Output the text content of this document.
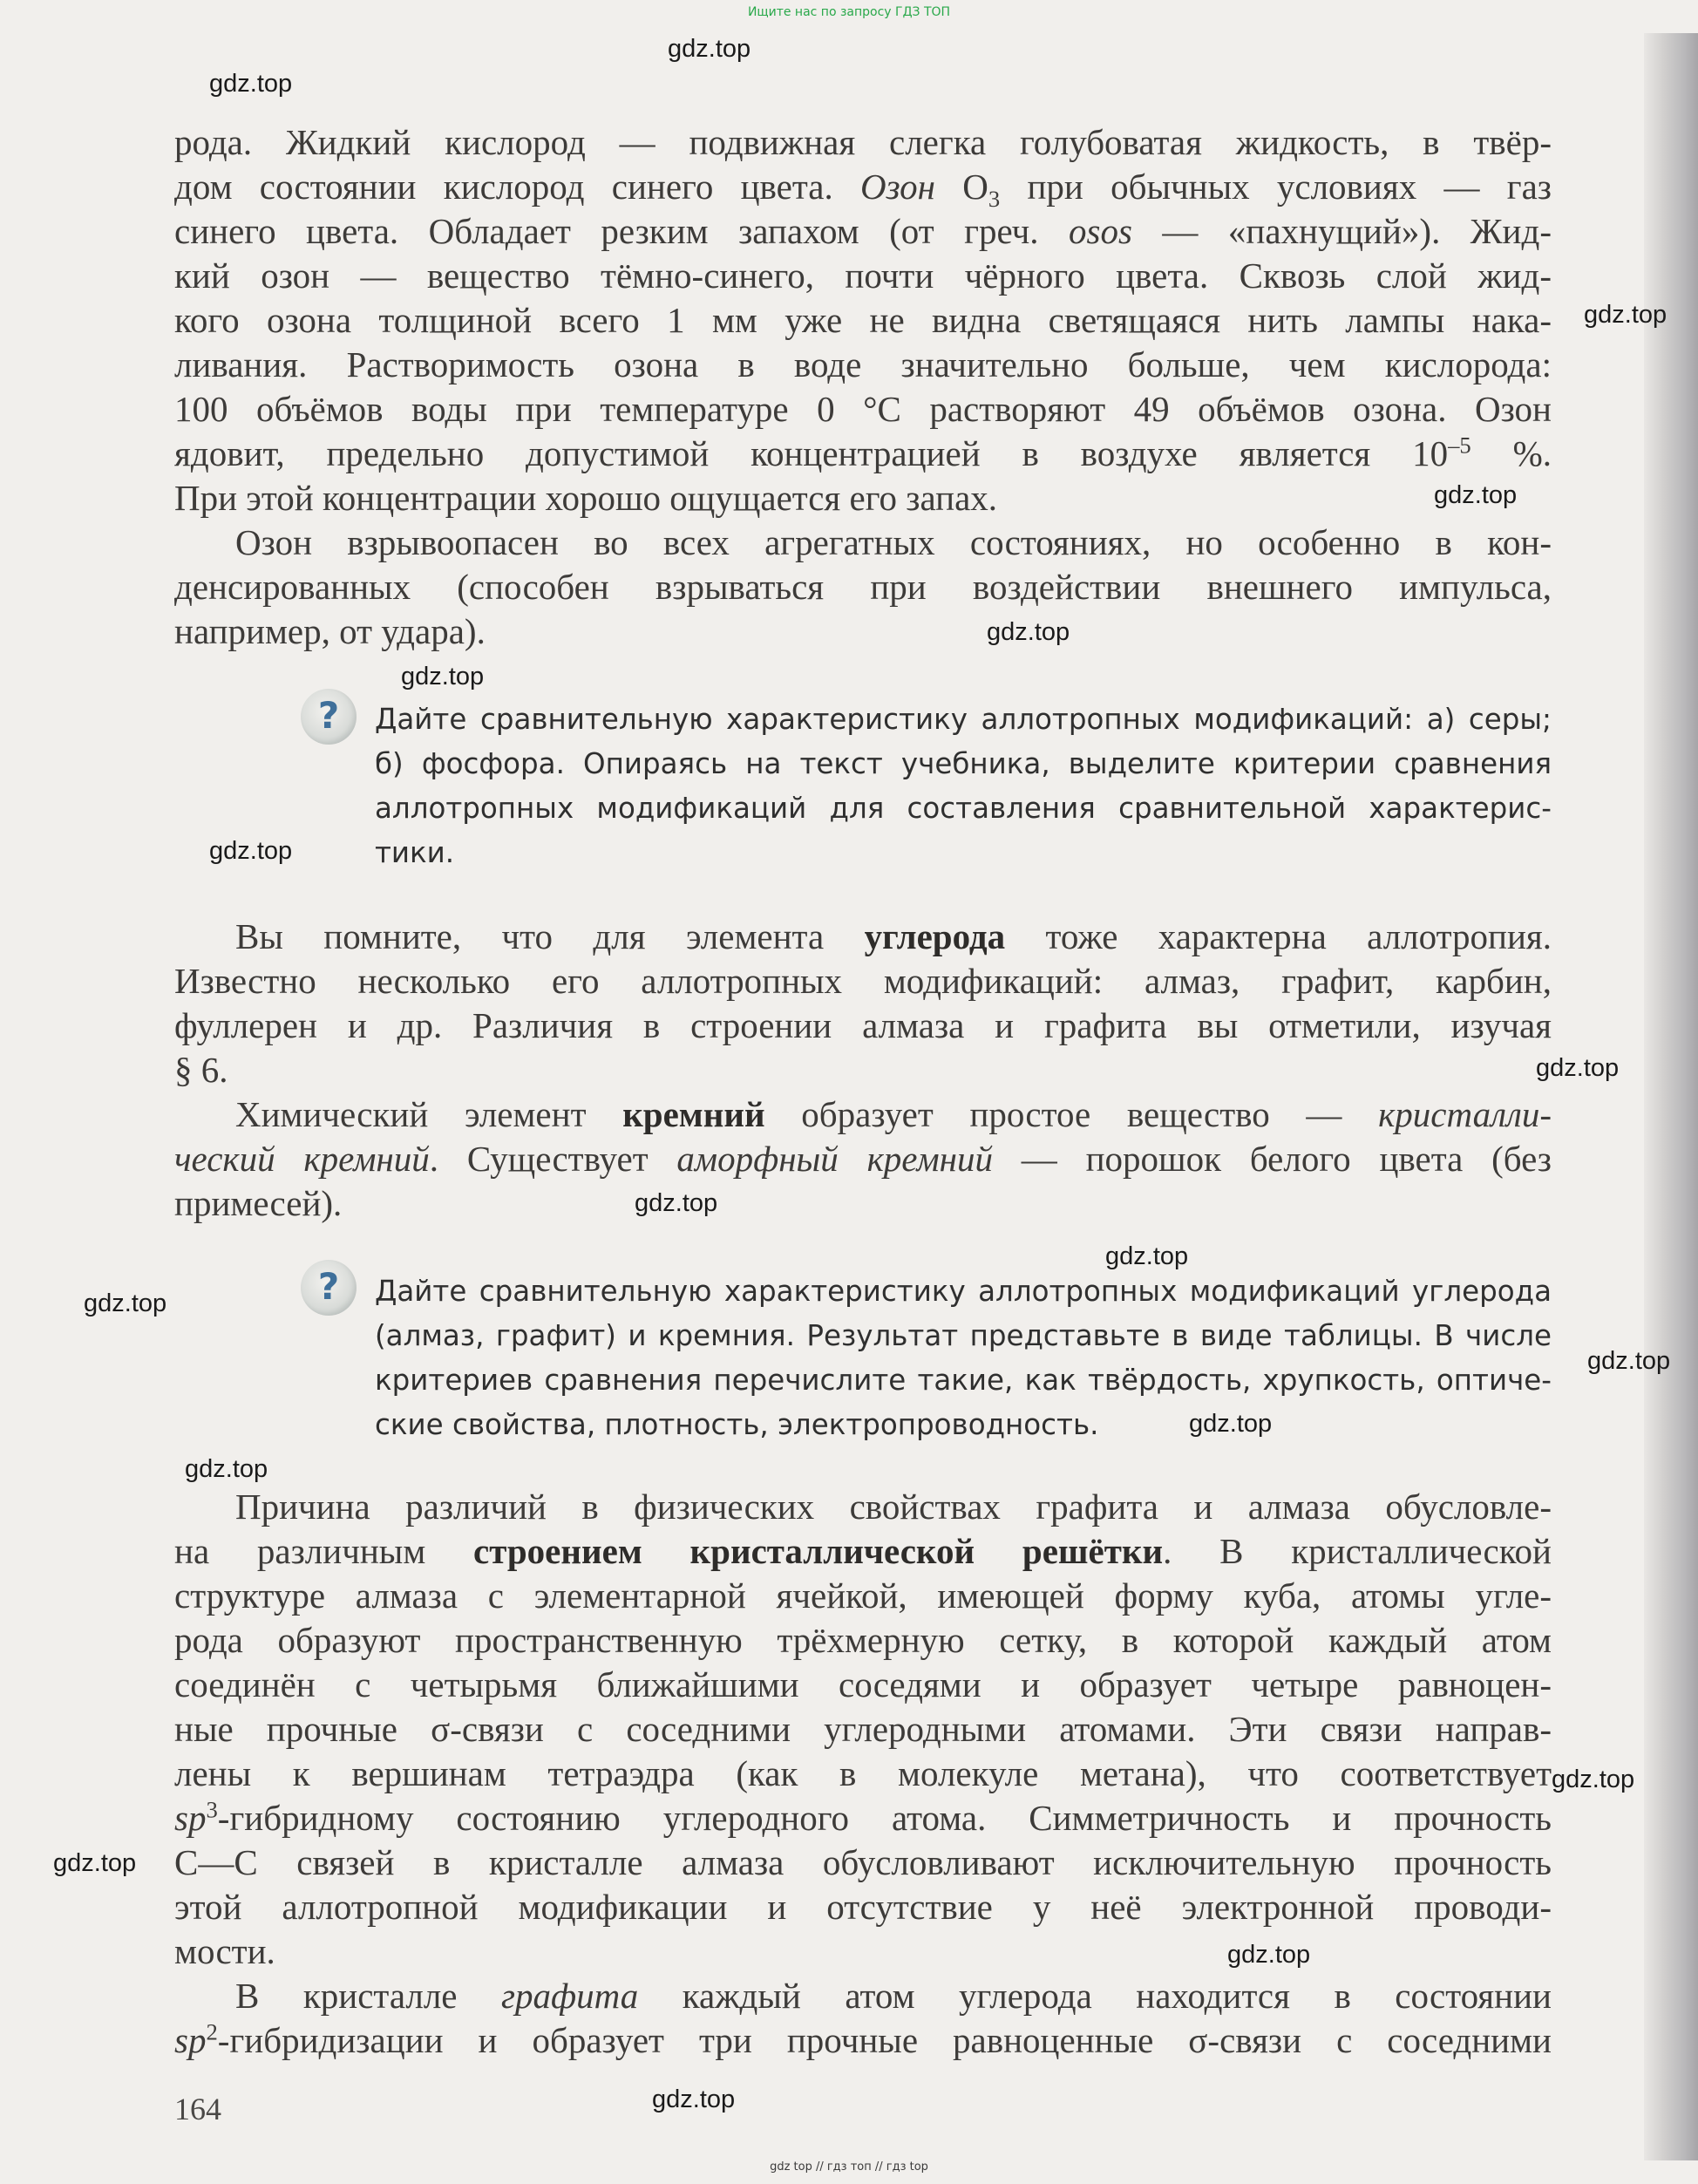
Ищите нас по запросу ГДЗ ТОП
рода. Жидкий кислород — подвижная слегка голубоватая жидкость, в твёр-
дом состоянии кислород синего цвета. Озон $O_3$ при обычных условиях — газ
синего цвета. Обладает резким запахом (от греч. osos — «пахнущий»). Жид-
кий озон — вещество тёмно-синего, почти чёрного цвета. Сквозь слой жид-
кого озона толщиной всего 1 мм уже не видна светящаяся нить лампы нака-
ливания. Растворимость озона в воде значительно больше, чем кислорода:
100 объёмов воды при температуре 0 °C растворяют 49 объёмов озона. Озон
ядовит, предельно допустимой концентрацией в воздухе является $10^{-5}$ %.
При этой концентрации хорошо ощущается его запах.
Озон взрывоопасен во всех агрегатных состояниях, но особенно в кон-
денсированных (способен взрываться при воздействии внешнего импульса,
например, от удара).
?	Дайте сравнительную характеристику аллотропных модификаций: а) серы;
б) фосфора. Опираясь на текст учебника, выделите критерии сравнения
аллотропных модификаций для составления сравнительной характерис-
тики.
Вы помните, что для элемента углерода тоже характерна аллотропия.
Известно несколько его аллотропных модификаций: алмаз, графит, карбин,
фуллерен и др. Различия в строении алмаза и графита вы отметили, изучая
§ 6.
Химический элемент кремний образует простое вещество — кристалли-
ческий кремний. Существует аморфный кремний — порошок белого цвета (без
примесей).
?	Дайте сравнительную характеристику аллотропных модификаций углерода
(алмаз, графит) и кремния. Результат представьте в виде таблицы. В числе
критериев сравнения перечислите такие, как твёрдость, хрупкость, оптиче-
ские свойства, плотность, электропроводность.
Причина различий в физических свойствах графита и алмаза обусловле-
на различным строением кристаллической решётки. В кристаллической
структуре алмаза с элементарной ячейкой, имеющей форму куба, атомы угле-
рода образуют пространственную трёхмерную сетку, в которой каждый атом
соединён с четырьмя ближайшими соседями и образует четыре равноцен-
ные прочные σ-связи с соседними углеродными атомами. Эти связи направ-
лены к вершинам тетраэдра (как в молекуле метана), что соответствует
$sp^3$-гибридному состоянию углеродного атома. Симметричность и прочность
C—C связей в кристалле алмаза обусловливают исключительную прочность
этой аллотропной модификации и отсутствие у неё электронной проводи-
мости.
В кристалле графита каждый атом углерода находится в состоянии
$sp^2$-гибридизации и образует три прочные равноценные σ-связи с соседними
164
gdz.top
gdz.top
gdz.top
gdz.top
gdz.top
gdz.top
gdz.top
gdz.top
gdz.top
gdz.top
gdz.top
gdz.top
gdz.top
gdz.top
gdz.top
gdz.top
gdz.top
gdz.top
gdz top // гдз топ // гдз top
